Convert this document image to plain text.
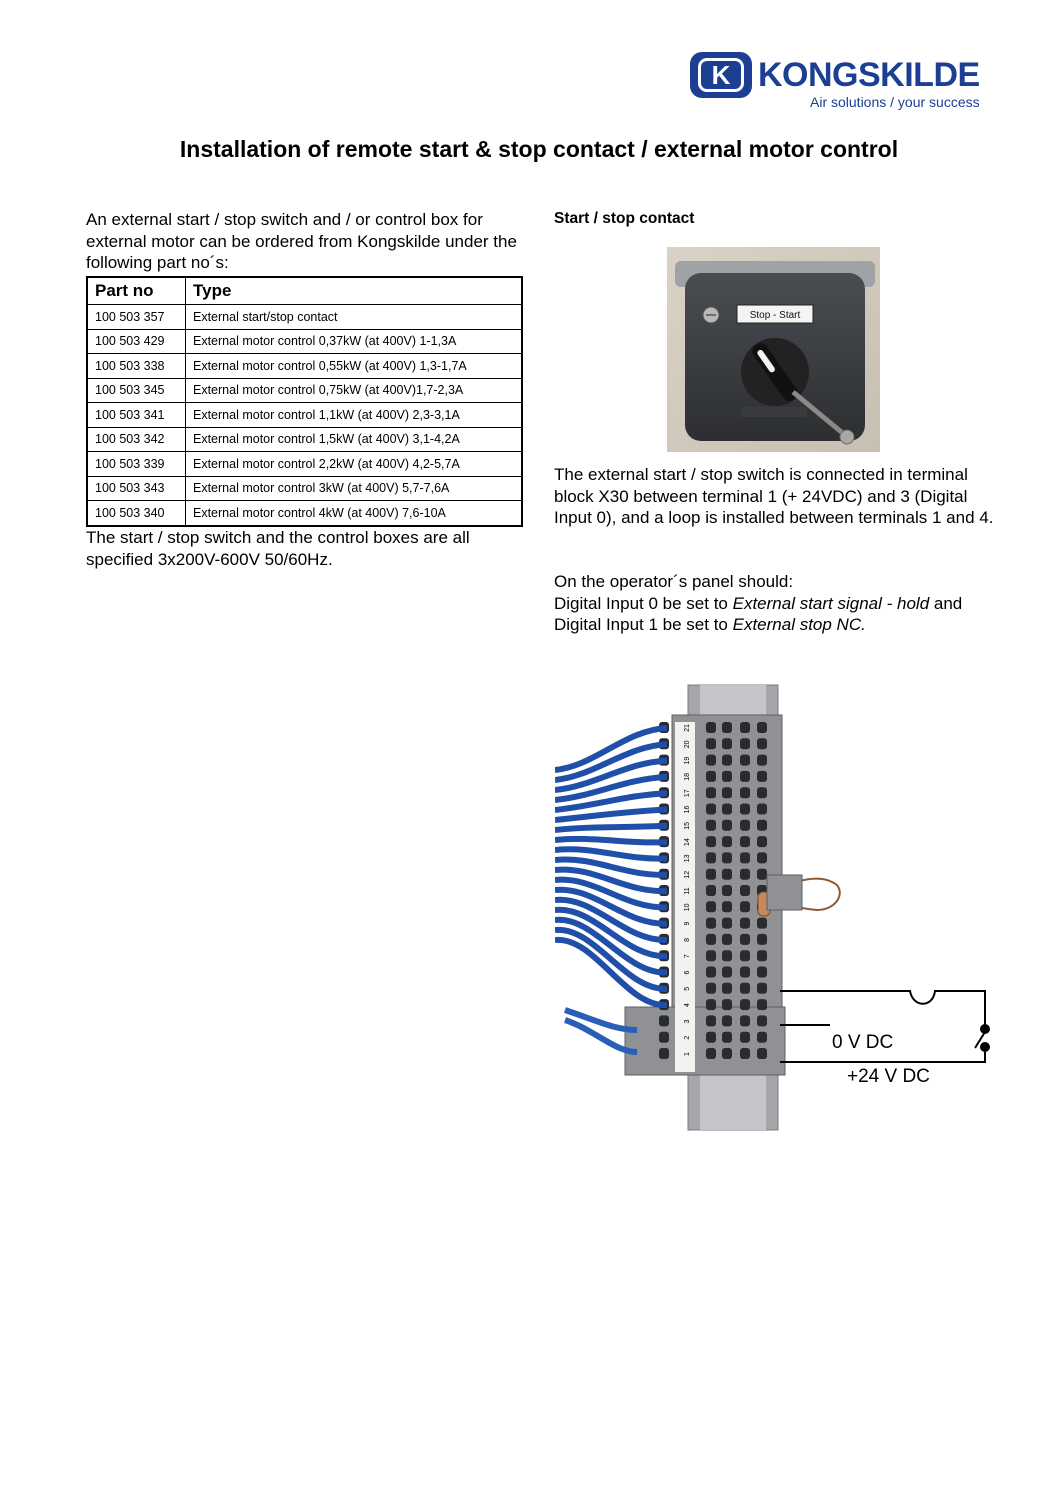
K KONGSKILDE
Air solutions / your success
Installation of remote start & stop contact / external motor control
An external start / stop switch and / or control box for external motor can be ordered from Kongskilde under the following part no´s:
Part no	Type
100 503 357	External start/stop contact
100 503 429	External motor control 0,37kW (at 400V) 1-1,3A
100 503 338	External motor control 0,55kW (at 400V) 1,3-1,7A
100 503 345	External motor control 0,75kW (at 400V)1,7-2,3A
100 503 341	External motor control 1,1kW (at 400V) 2,3-3,1A
100 503 342	External motor control 1,5kW (at 400V) 3,1-4,2A
100 503 339	External motor control 2,2kW (at 400V) 4,2-5,7A
100 503 343	External motor control 3kW (at 400V) 5,7-7,6A
100 503 340	External motor control 4kW (at 400V) 7,6-10A
The start / stop switch and the control boxes are all specified 3x200V-600V 50/60Hz.
Start / stop contact
Stop - Start
The external start / stop switch is connected in terminal block X30 between terminal 1 (+ 24VDC) and 3 (Digital Input 0), and a loop is installed between terminals 1 and 4.
On the operator´s panel should:
Digital Input 0 be set to External start signal - hold and
Digital Input 1 be set to External stop NC.
21
20
19
18
17
16
15
14
13
12
11
10
9
8
7
6
5
4
3
2
1
0 V DC
+24 V DC
